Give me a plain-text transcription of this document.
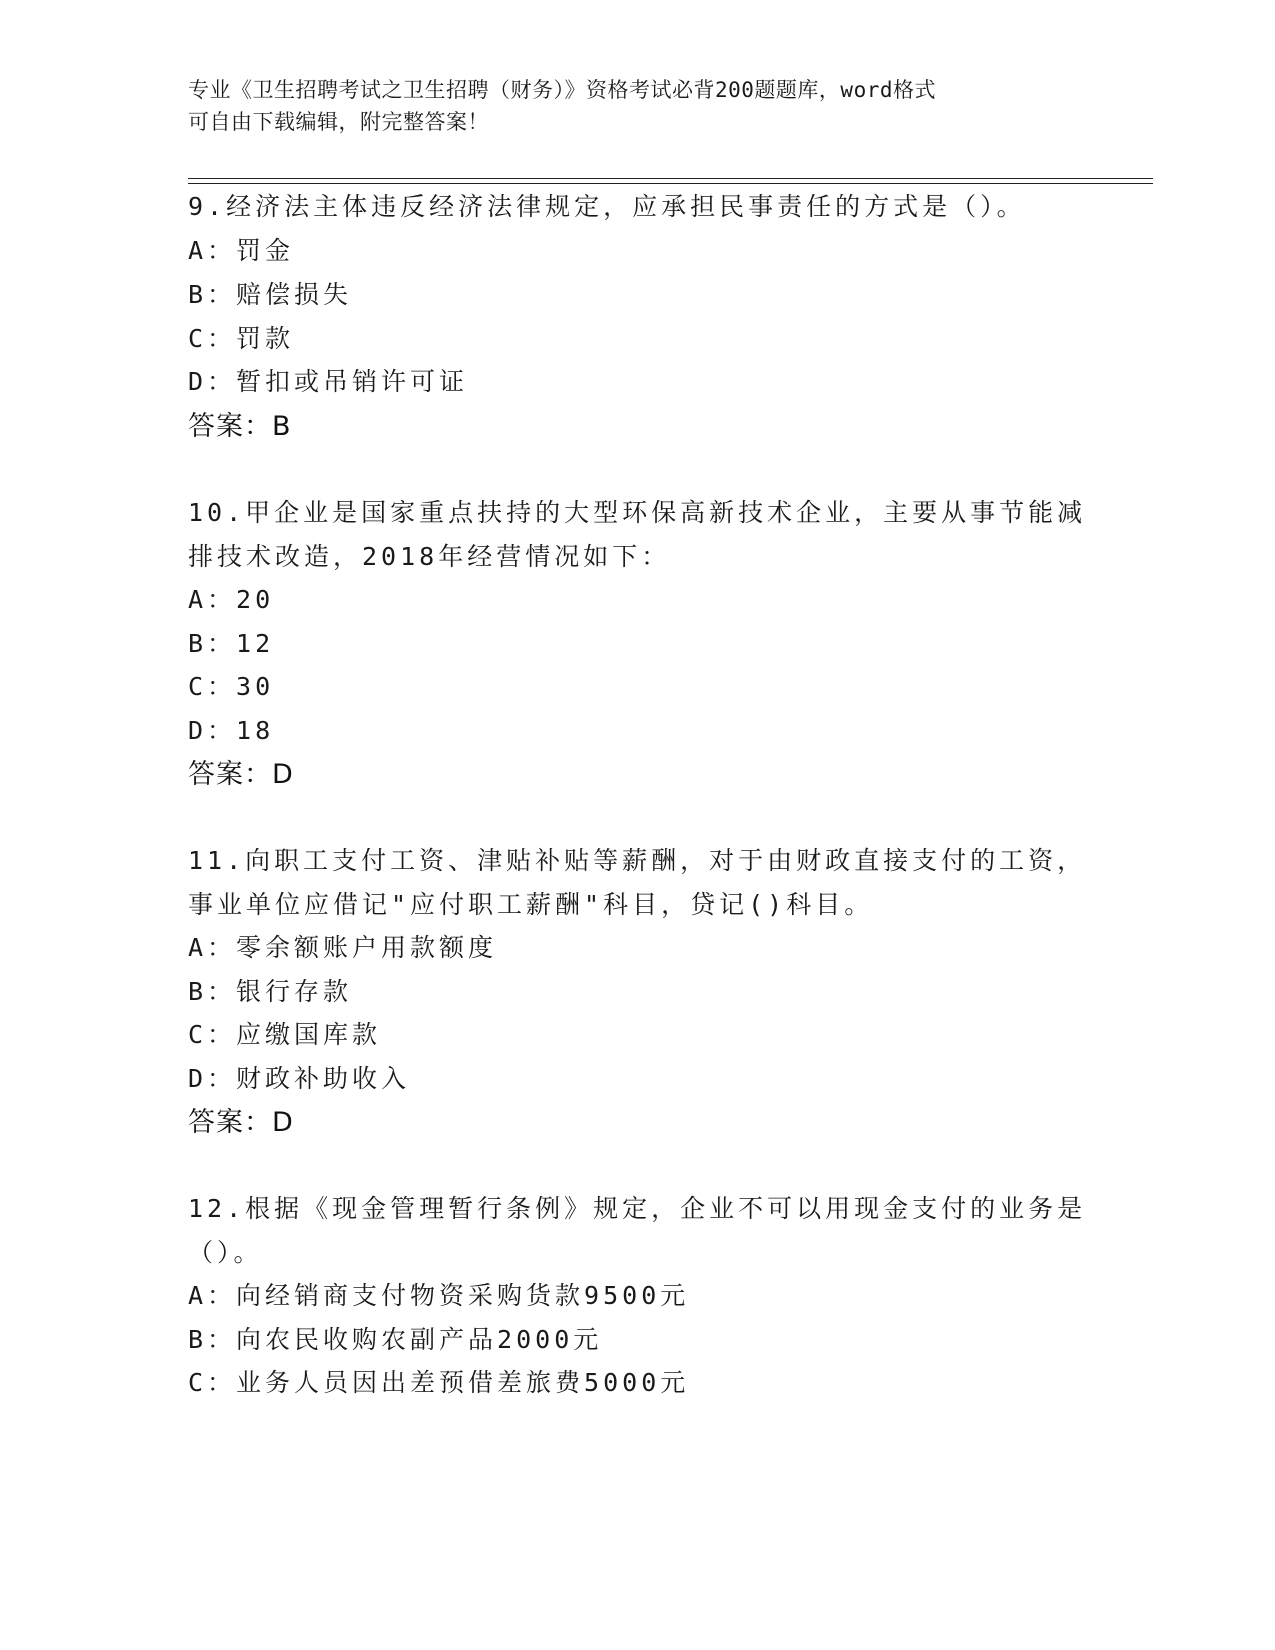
专业《卫生招聘考试之卫生招聘（财务）》资格考试必背200题题库，word格式
可自由下载编辑，附完整答案！
9.经济法主体违反经济法律规定，应承担民事责任的方式是（）。
A：罚金
B：赔偿损失
C：罚款
D：暂扣或吊销许可证
答案：B
10.甲企业是国家重点扶持的大型环保高新技术企业，主要从事节能减
排技术改造，2018年经营情况如下：
A：20
B：12
C：30
D：18
答案：D
11.向职工支付工资、津贴补贴等薪酬，对于由财政直接支付的工资，
事业单位应借记"应付职工薪酬"科目，贷记()科目。
A：零余额账户用款额度
B：银行存款
C：应缴国库款
D：财政补助收入
答案：D
12.根据《现金管理暂行条例》规定，企业不可以用现金支付的业务是
（）。
A：向经销商支付物资采购货款9500元
B：向农民收购农副产品2000元
C：业务人员因出差预借差旅费5000元
